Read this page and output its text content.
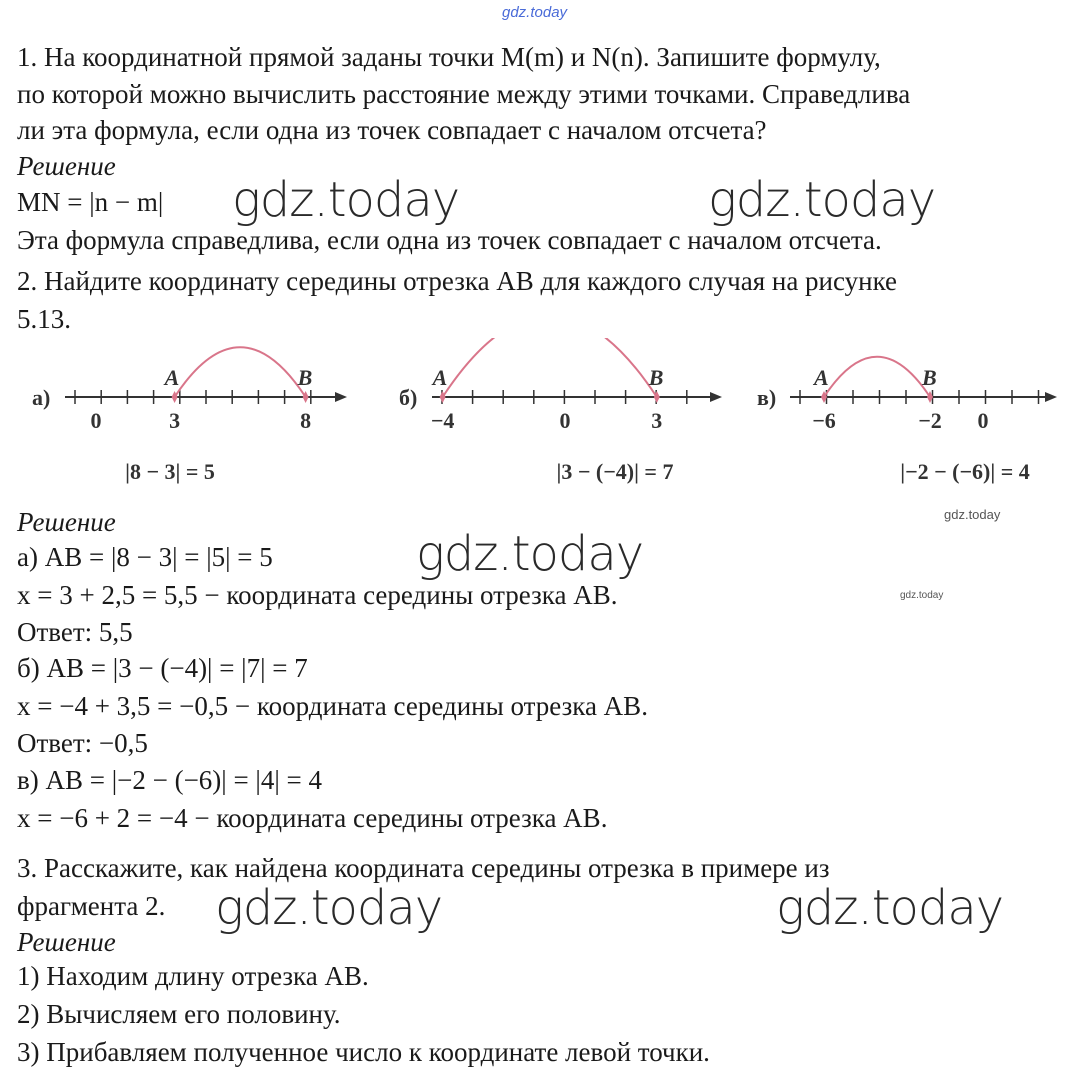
gdz.today
1. На координатной прямой заданы точки M(m) и N(n). Запишите формулу,
по которой можно вычислить расстояние между этими точками. Справедлива
ли эта формула, если одна из точек совпадает с началом отсчета?
Решение
MN = |n − m|
Эта формула справедлива, если одна из точек совпадает с началом отсчета.
2. Найдите координату середины отрезка AB для каждого случая на рисунке
5.13.
а)
A	B
0	3	8
|8 − 3| = 5
б)
A	B
−4	0	3
|3 − (−4)| = 7
в)
A	B
−6	−2 0
|−2 − (−6)| = 4
Решение
а) AB = |8 − 3| = |5| = 5
x = 3 + 2,5 = 5,5 − координата середины отрезка AB.
Ответ: 5,5
б) AB = |3 − (−4)| = |7| = 7
x = −4 + 3,5 = −0,5 − координата середины отрезка AB.
Ответ: −0,5
в) AB = |−2 − (−6)| = |4| = 4
x = −6 + 2 = −4 − координата середины отрезка AB.
3. Расскажите, как найдена координата середины отрезка в примере из
фрагмента 2.
Решение
1) Находим длину отрезка AB.
2) Вычисляем его половину.
3) Прибавляем полученное число к координате левой точки.
gdz.today	gdz.today
gdz.today
gdz.today	gdz.today
gdz.today
gdz.today
